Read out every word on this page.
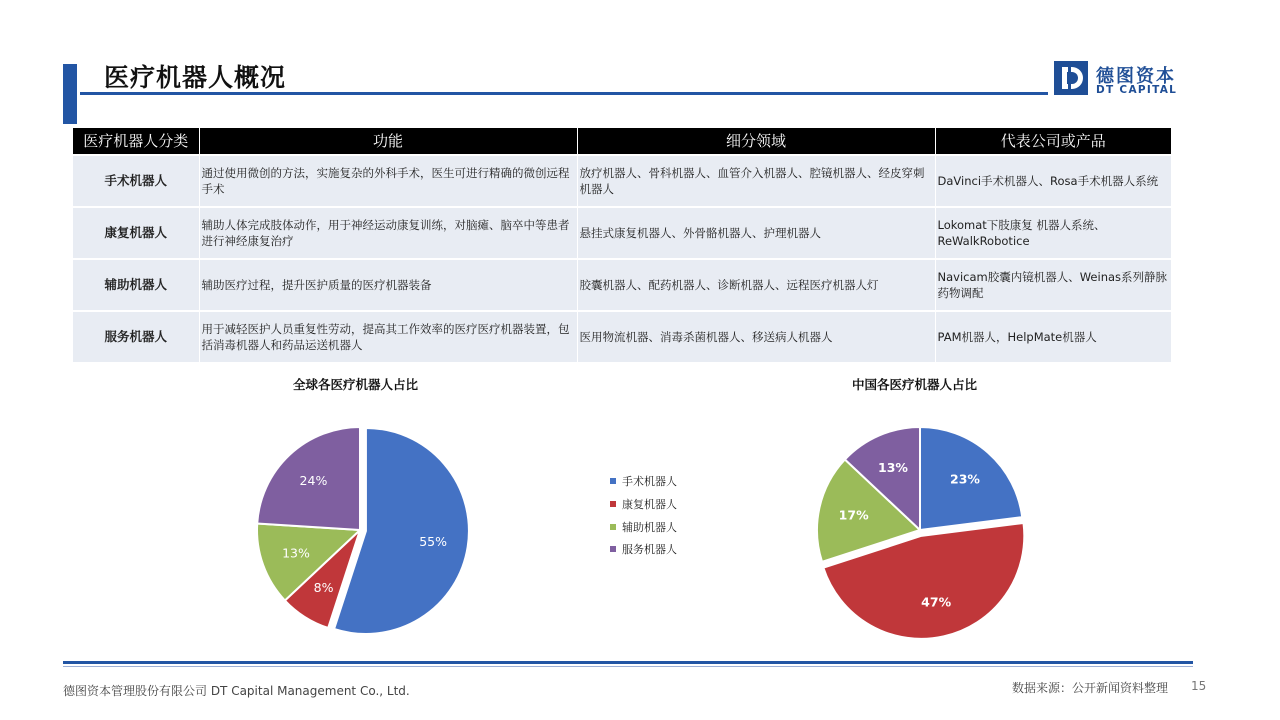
医疗机器人概况	德图资本
DT CAPITAL
医疗机器人分类	功能	细分领域	代表公司或产品
手术机器人	通过使用微创的方法，实施复杂的外科手术，医生可进行精确的微创远程手术	放疗机器人、骨科机器人、血管介入机器人、腔镜机器人、经皮穿刺机器人	DaVinci手术机器人、Rosa手术机器人系统
康复机器人	辅助人体完成肢体动作，用于神经运动康复训练，对脑瘫、脑卒中等患者进行神经康复治疗	悬挂式康复机器人、外骨骼机器人、护理机器人	Lokomat下肢康复 机器人系统、ReWalkRobotice
辅助机器人	辅助医疗过程，提升医护质量的医疗机器装备	胶囊机器人、配药机器人、诊断机器人、远程医疗机器人灯	Navicam胶囊内镜机器人、Weinas系列静脉药物调配
服务机器人	用于减轻医护人员重复性劳动，提高其工作效率的医疗医疗机器装置，包括消毒机器人和药品运送机器人	医用物流机器、消毒杀菌机器人、移送病人机器人	PAM机器人，HelpMate机器人
全球各医疗机器人占比
55%
8%
13%
24%
中国各医疗机器人占比
23%
47%
17%
13%
手术机器人
康复机器人
辅助机器人
服务机器人
德图资本管理股份有限公司 DT Capital Management Co., Ltd.	数据来源：公开新闻资料整理 15
